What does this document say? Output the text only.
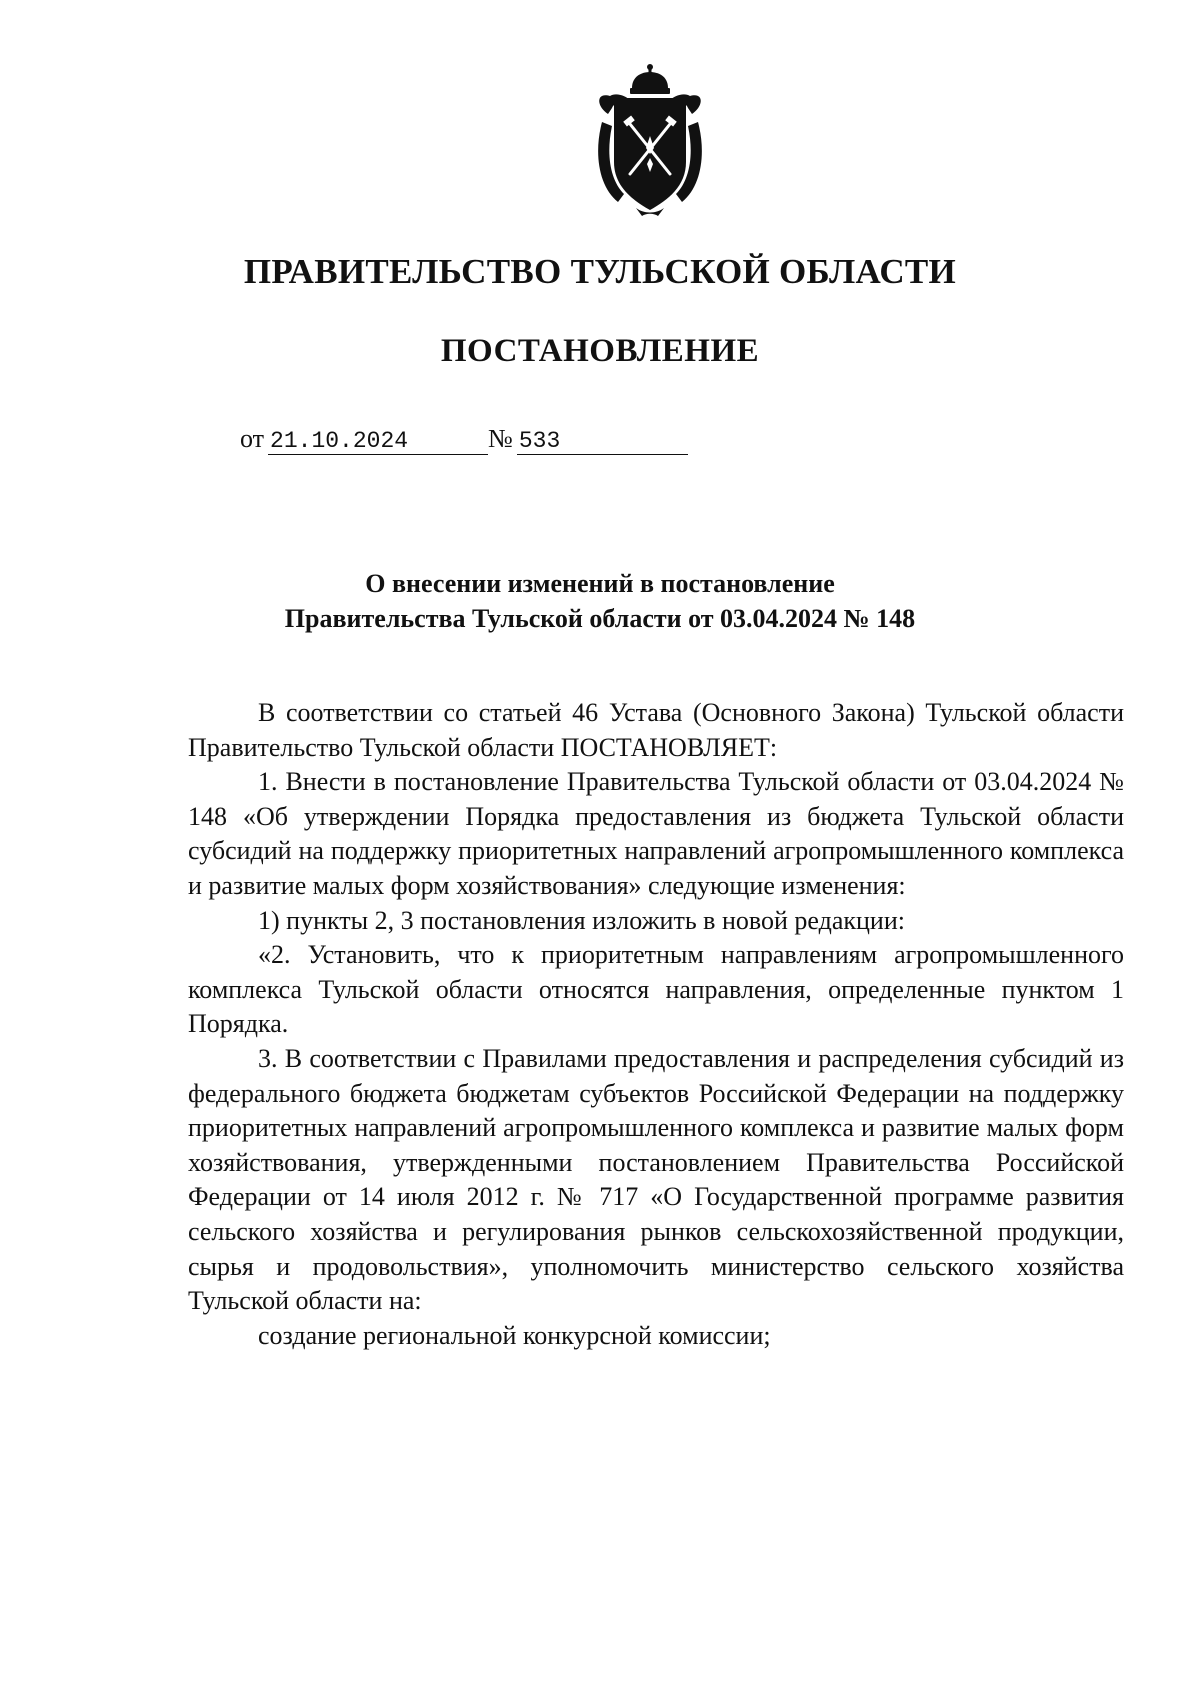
ПРАВИТЕЛЬСТВО ТУЛЬСКОЙ ОБЛАСТИ
ПОСТАНОВЛЕНИЕ
от 21.10.2024	№ 533
О внесении изменений в постановление
Правительства Тульской области от 03.04.2024 № 148

В соответствии со статьей 46 Устава (Основного Закона) Тульской области Правительство Тульской области ПОСТАНОВЛЯЕТ:

1. Внести в постановление Правительства Тульской области от 03.04.2024 № 148 «Об утверждении Порядка предоставления из бюджета Тульской области субсидий на поддержку приоритетных направлений агропромышленного комплекса и развитие малых форм хозяйствования» следующие изменения:

1) пункты 2, 3 постановления изложить в новой редакции:

«2. Установить, что к приоритетным направлениям агропромышленного комплекса Тульской области относятся направления, определенные пунктом 1 Порядка.

3. В соответствии с Правилами предоставления и распределения субсидий из федерального бюджета бюджетам субъектов Российской Федерации на поддержку приоритетных направлений агропромышленного комплекса и развитие малых форм хозяйствования, утвержденными постановлением Правительства Российской Федерации от 14 июля 2012 г. № 717 «О Государственной программе развития сельского хозяйства и регулирования рынков сельскохозяйственной продукции, сырья и продовольствия», уполномочить министерство сельского хозяйства Тульской области на:

создание региональной конкурсной комиссии;
